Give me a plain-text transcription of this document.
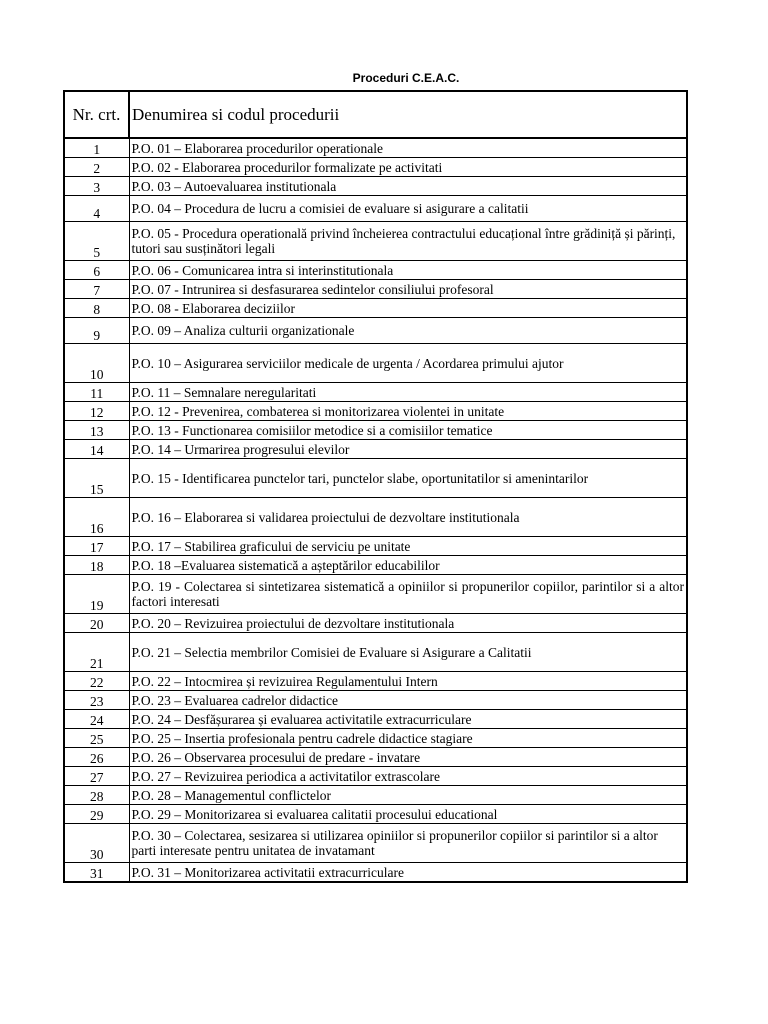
Proceduri C.E.A.C.
Nr. crt.	Denumirea si codul procedurii
1	P.O. 01 – Elaborarea procedurilor operationale
2	P.O. 02 - Elaborarea procedurilor formalizate pe activitati
3	P.O. 03 – Autoevaluarea institutionala
4	P.O. 04 – Procedura de lucru a comisiei de evaluare si asigurare a calitatii
5	P.O. 05 - Procedura operatională privind încheierea contractului educațional între grădiniță și părinți, tutori sau susținători legali
6	P.O. 06 - Comunicarea intra si interinstitutionala
7	P.O. 07 - Intrunirea si desfasurarea sedintelor consiliului profesoral
8	P.O. 08 - Elaborarea deciziilor
9	P.O. 09 – Analiza culturii organizationale
10	P.O. 10 – Asigurarea serviciilor medicale de urgenta / Acordarea primului ajutor
11	P.O. 11 – Semnalare neregularitati
12	P.O. 12 - Prevenirea, combaterea si monitorizarea violentei in unitate
13	P.O. 13 - Functionarea comisiilor metodice si a comisiilor tematice
14	P.O. 14 – Urmarirea progresului elevilor
15	P.O. 15 - Identificarea punctelor tari, punctelor slabe, oportunitatilor si amenintarilor
16	P.O. 16 – Elaborarea si validarea proiectului de dezvoltare institutionala
17	P.O. 17 – Stabilirea graficului de serviciu pe unitate
18	P.O. 18 –Evaluarea sistematică a așteptărilor educabililor
19	P.O. 19 - Colectarea si sintetizarea sistematică a opiniilor si propunerilor copiilor, parintilor si a altor factori interesati
20	P.O. 20 – Revizuirea proiectului de dezvoltare institutionala
21	P.O. 21 – Selectia membrilor Comisiei de Evaluare si Asigurare a Calitatii
22	P.O. 22 – Intocmirea și revizuirea Regulamentului Intern
23	P.O. 23 – Evaluarea cadrelor didactice
24	P.O. 24 – Desfășurarea și evaluarea activitatile extracurriculare
25	P.O. 25 – Insertia profesionala pentru cadrele didactice stagiare
26	P.O. 26 – Observarea procesului de predare - invatare
27	P.O. 27 – Revizuirea periodica a activitatilor extrascolare
28	P.O. 28 – Managementul conflictelor
29	P.O. 29 – Monitorizarea si evaluarea calitatii procesului educational
30	P.O. 30 – Colectarea, sesizarea si utilizarea opiniilor si propunerilor copiilor si parintilor si a altor parti interesate pentru unitatea de invatamant
31	P.O. 31 – Monitorizarea activitatii extracurriculare
